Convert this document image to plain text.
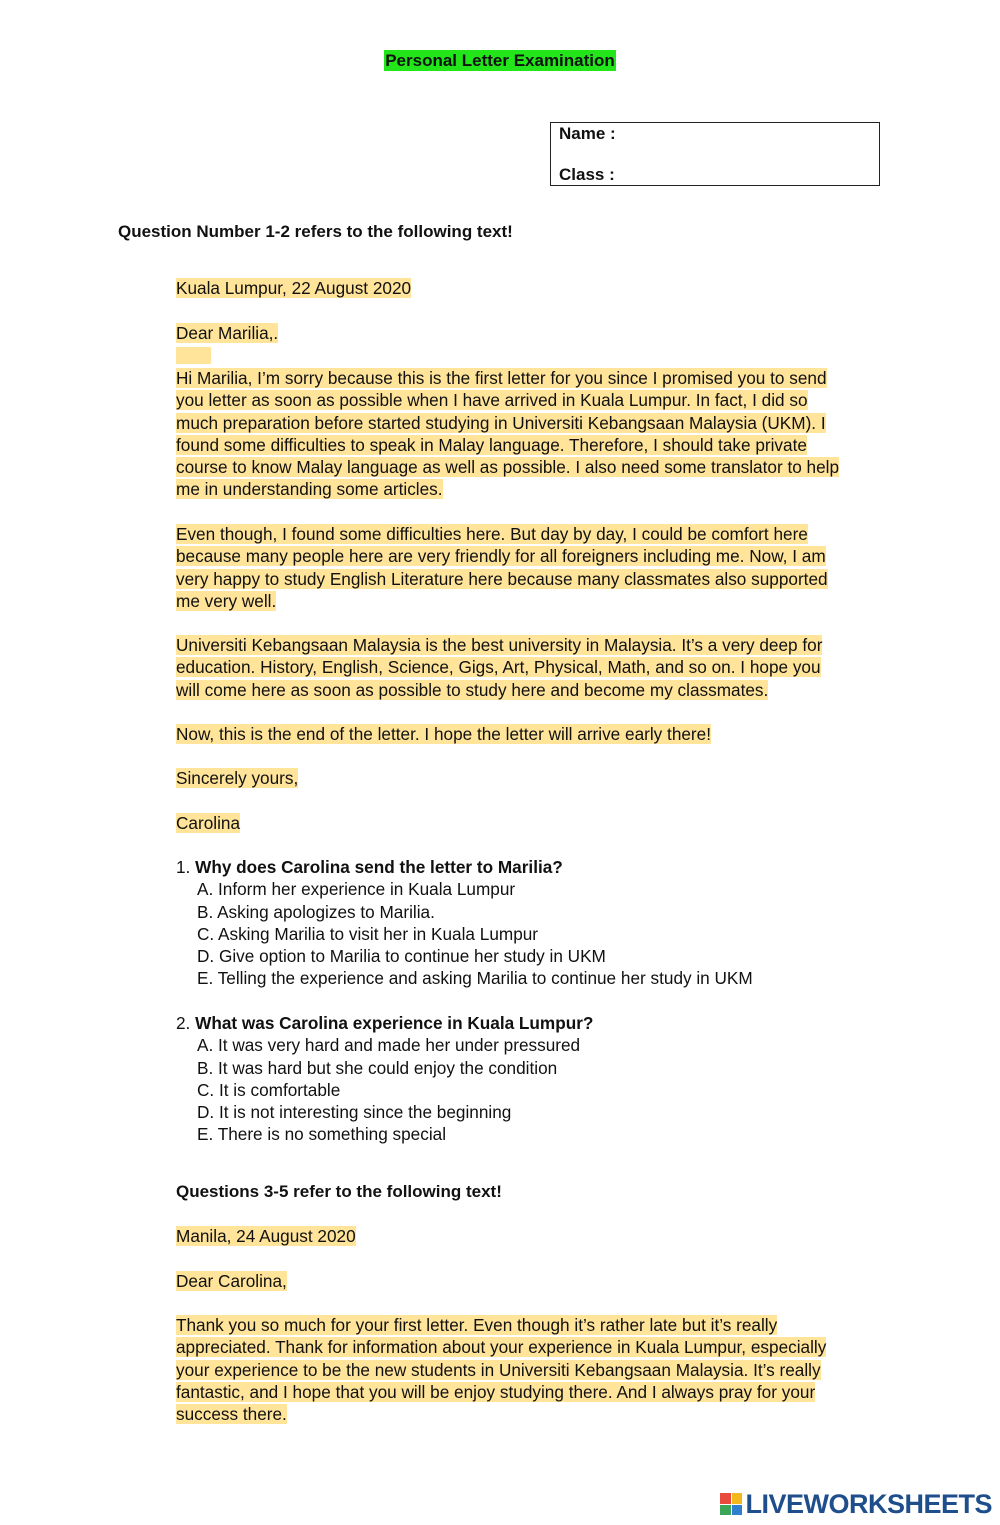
Personal Letter Examination
Name :
Class :
Question Number 1-2 refers to the following text!
Kuala Lumpur, 22 August 2020
Dear Marilia,.
Hi Marilia, I’m sorry because this is the first letter for you since I promised you to send
you letter as soon as possible when I have arrived in Kuala Lumpur. In fact, I did so
much preparation before started studying in Universiti Kebangsaan Malaysia (UKM). I
found some difficulties to speak in Malay language. Therefore, I should take private
course to know Malay language as well as possible. I also need some translator to help
me in understanding some articles.
Even though, I found some difficulties here. But day by day, I could be comfort here
because many people here are very friendly for all foreigners including me. Now, I am
very happy to study English Literature here because many classmates also supported
me very well.
Universiti Kebangsaan Malaysia is the best university in Malaysia. It’s a very deep for
education. History, English, Science, Gigs, Art, Physical, Math, and so on. I hope you
will come here as soon as possible to study here and become my classmates.
Now, this is the end of the letter. I hope the letter will arrive early there!
Sincerely yours,
Carolina
1. Why does Carolina send the letter to Marilia?
A. Inform her experience in Kuala Lumpur
B. Asking apologizes to Marilia.
C. Asking Marilia to visit her in Kuala Lumpur
D. Give option to Marilia to continue her study in UKM
E. Telling the experience and asking Marilia to continue her study in UKM
2. What was Carolina experience in Kuala Lumpur?
A. It was very hard and made her under pressured
B. It was hard but she could enjoy the condition
C. It is comfortable
D. It is not interesting since the beginning
E. There is no something special
Questions 3-5 refer to the following text!
Manila, 24 August 2020
Dear Carolina,
Thank you so much for your first letter. Even though it’s rather late but it’s really
appreciated. Thank for information about your experience in Kuala Lumpur, especially
your experience to be the new students in Universiti Kebangsaan Malaysia. It’s really
fantastic, and I hope that you will be enjoy studying there. And I always pray for your
success there.
LIVEWORKSHEETS
